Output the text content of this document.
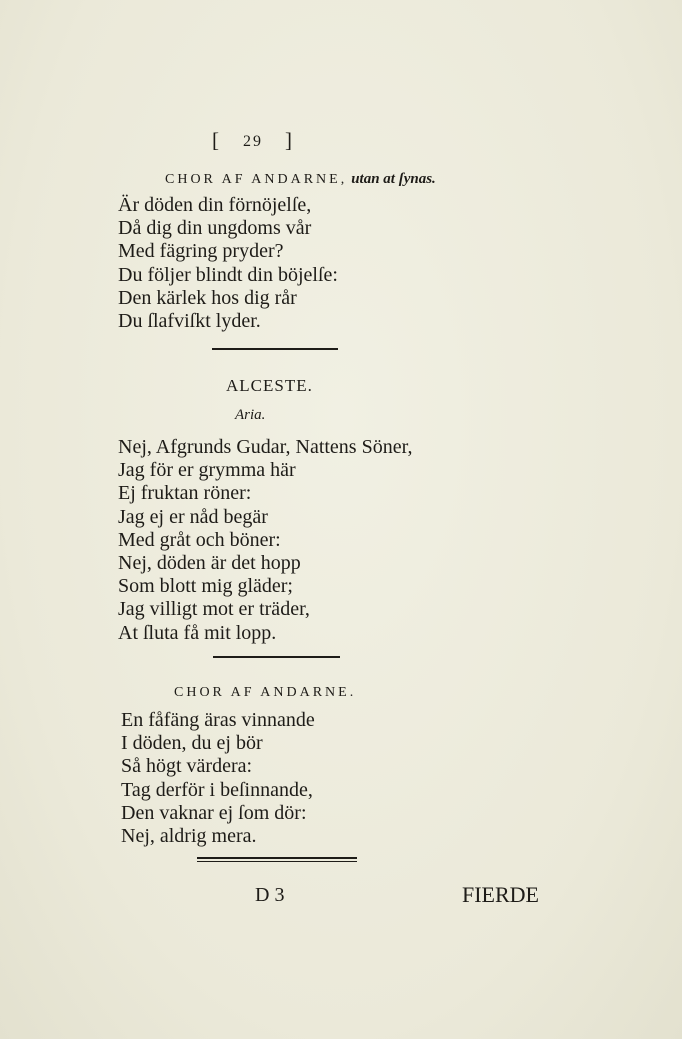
[ 29 ]
CHOR AF ANDARNE, utan at ſynas.
Är döden din förnöjelſe,
Då dig din ungdoms vår
Med fägring pryder?
Du följer blindt din böjelſe:
Den kärlek hos dig rår
Du ſlafviſkt lyder.
ALCESTE.
Aria.
Nej, Afgrunds Gudar, Nattens Söner,
Jag för er grymma här
Ej fruktan röner:
Jag ej er nåd begär
Med gråt och böner:
Nej, döden är det hopp
Som blott mig gläder;
Jag villigt mot er träder,
At ſluta få mit lopp.
CHOR AF ANDARNE.
En fåfäng äras vinnande
I döden, du ej bör
Så högt värdera:
Tag derför i beſinnande,
Den vaknar ej ſom dör:
Nej, aldrig mera.
D 3	FIERDE
